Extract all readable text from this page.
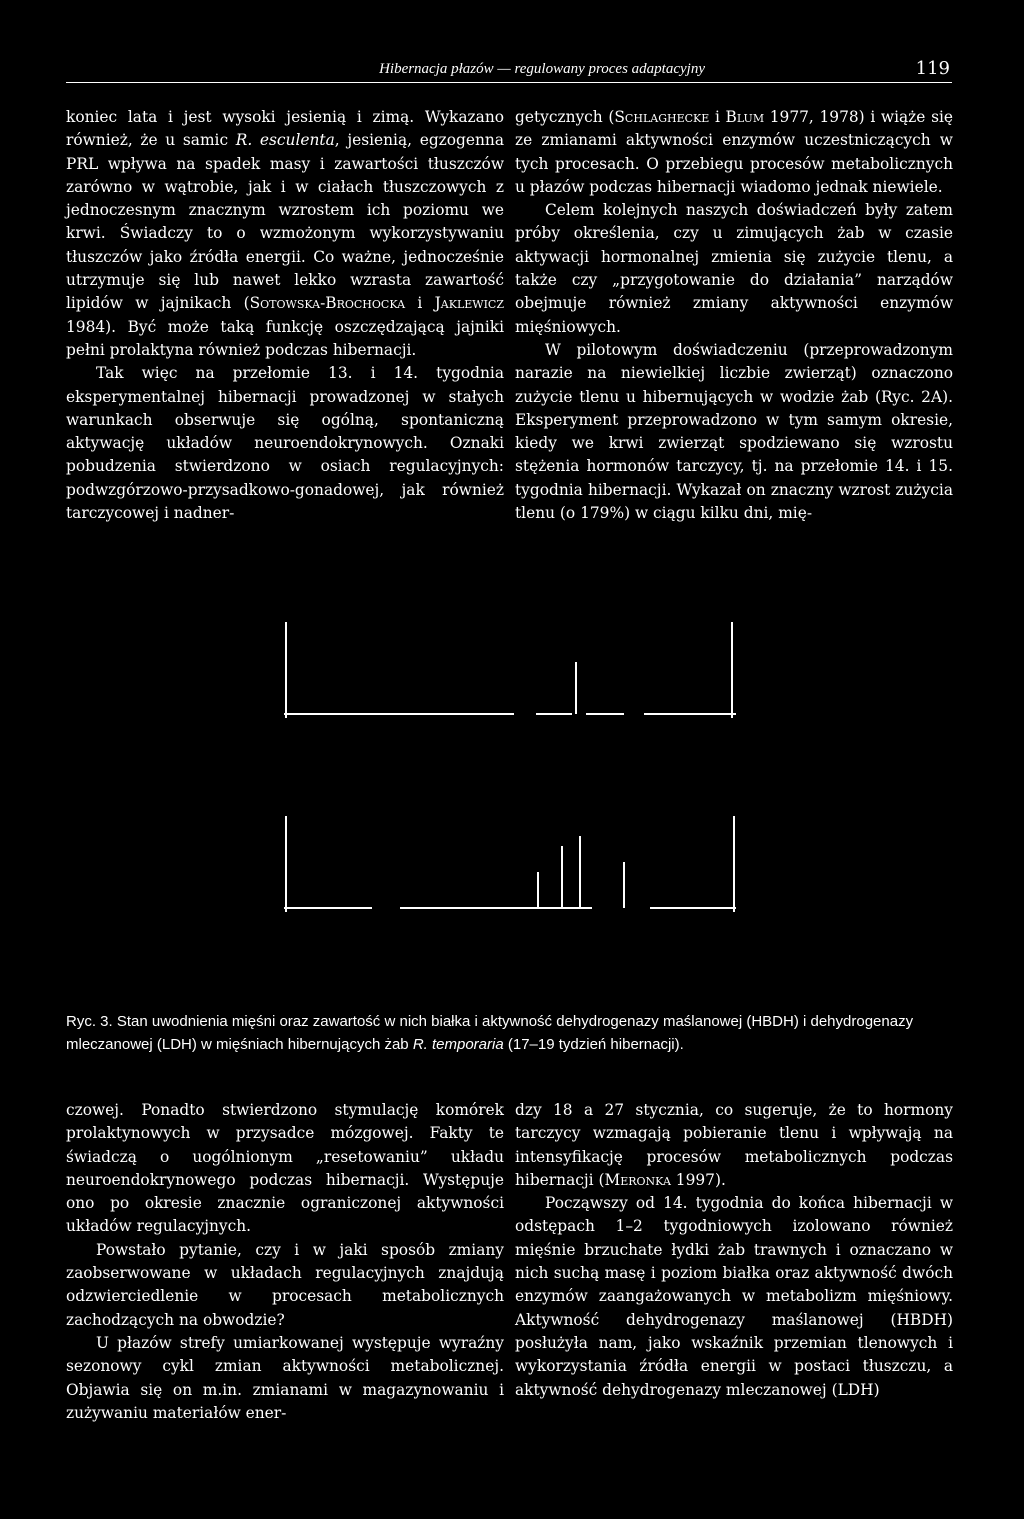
Hibernacja płazów — regulowany proces adaptacyjny	119

koniec lata i jest wysoki jesienią i zimą. Wykazano również, że u samic R. esculenta, jesienią, egzogenna PRL wpływa na spadek masy i zawartości tłuszczów zarówno w wątrobie, jak i w ciałach tłuszczowych z jednoczesnym znacznym wzrostem ich poziomu we krwi. Świadczy to o wzmożonym wykorzystywaniu tłuszczów jako źródła energii. Co ważne, jednocześnie utrzymuje się lub nawet lekko wzrasta zawartość lipidów w jajnikach (Sotowska-Brochocka i Jaklewicz 1984). Być może taką funkcję oszczędzającą jajniki pełni prolaktyna również podczas hibernacji.

Tak więc na przełomie 13. i 14. tygodnia eksperymentalnej hibernacji prowadzonej w stałych warunkach obserwuje się ogólną, spontaniczną aktywację układów neuroendokrynowych. Oznaki pobudzenia stwierdzono w osiach regulacyjnych: podwzgórzowo-przysadkowo-gonadowej, jak również tarczycowej i nadner-

getycznych (Schlaghecke i Blum 1977, 1978) i wiąże się ze zmianami aktywności enzymów uczestniczących w tych procesach. O przebiegu procesów metabolicznych u płazów podczas hibernacji wiadomo jednak niewiele.

Celem kolejnych naszych doświadczeń były zatem próby określenia, czy u zimujących żab w czasie aktywacji hormonalnej zmienia się zużycie tlenu, a także czy „przygotowanie do działania” narządów obejmuje również zmiany aktywności enzymów mięśniowych.

W pilotowym doświadczeniu (przeprowadzonym narazie na niewielkiej liczbie zwierząt) oznaczono zużycie tlenu u hibernujących w wodzie żab (Ryc. 2A). Eksperyment przeprowadzono w tym samym okresie, kiedy we krwi zwierząt spodziewano się wzrostu stężenia hormonów tarczycy, tj. na przełomie 14. i 15. tygodnia hibernacji. Wykazał on znaczny wzrost zużycia tlenu (o 179%) w ciągu kilku dni, mię-

Ryc. 3. Stan uwodnienia mięśni oraz zawartość w nich białka i aktywność dehydrogenazy maślanowej (HBDH) i dehydrogenazy mleczanowej (LDH) w mięśniach hibernujących żab R. temporaria (17–19 tydzień hibernacji).

czowej. Ponadto stwierdzono stymulację komórek prolaktynowych w przysadce mózgowej. Fakty te świadczą o uogólnionym „resetowaniu” układu neuroendokrynowego podczas hibernacji. Występuje ono po okresie znacznie ograniczonej aktywności układów regulacyjnych.

Powstało pytanie, czy i w jaki sposób zmiany zaobserwowane w układach regulacyjnych znajdują odzwierciedlenie w procesach metabolicznych zachodzących na obwodzie?

U płazów strefy umiarkowanej występuje wyraźny sezonowy cykl zmian aktywności metabolicznej. Objawia się on m.in. zmianami w magazynowaniu i zużywaniu materiałów ener-

dzy 18 a 27 stycznia, co sugeruje, że to hormony tarczycy wzmagają pobieranie tlenu i wpływają na intensyfikację procesów metabolicznych podczas hibernacji (Meronka 1997).

Począwszy od 14. tygodnia do końca hibernacji w odstępach 1–2 tygodniowych izolowano również mięśnie brzuchate łydki żab trawnych i oznaczano w nich suchą masę i poziom białka oraz aktywność dwóch enzymów zaangażowanych w metabolizm mięśniowy. Aktywność dehydrogenazy maślanowej (HBDH) posłużyła nam, jako wskaźnik przemian tlenowych i wykorzystania źródła energii w postaci tłuszczu, a aktywność dehydrogenazy mleczanowej (LDH)
